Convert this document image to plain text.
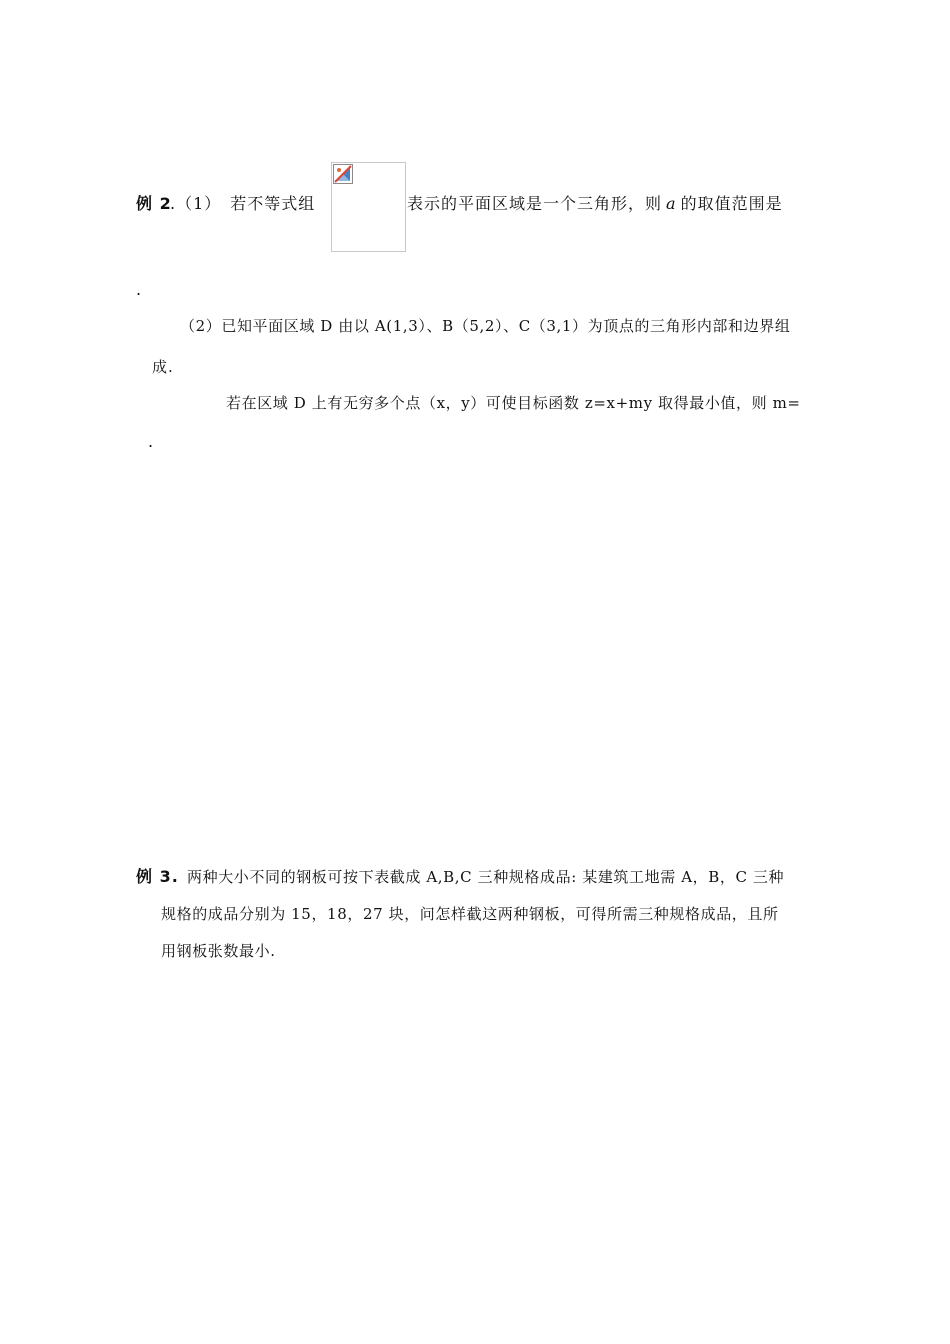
例 2
.（1）　若不等式组	表示的平面区域是一个三角形，则 a 的取值范围是
.
（2）已知平面区域 D 由以 A(1,3）、B（5,2）、C（3,1）为顶点的三角形内部和边界组
成.
若在区域 D 上有无穷多个点（x，y）可使目标函数 z=x+my 取得最小值，则 m=
.
例 3. 两种大小不同的钢板可按下表截成 A,B,C 三种规格成品: 某建筑工地需 A，B，C 三种
规格的成品分别为 15，18，27 块，问怎样截这两种钢板，可得所需三种规格成品，且所
用钢板张数最小.
